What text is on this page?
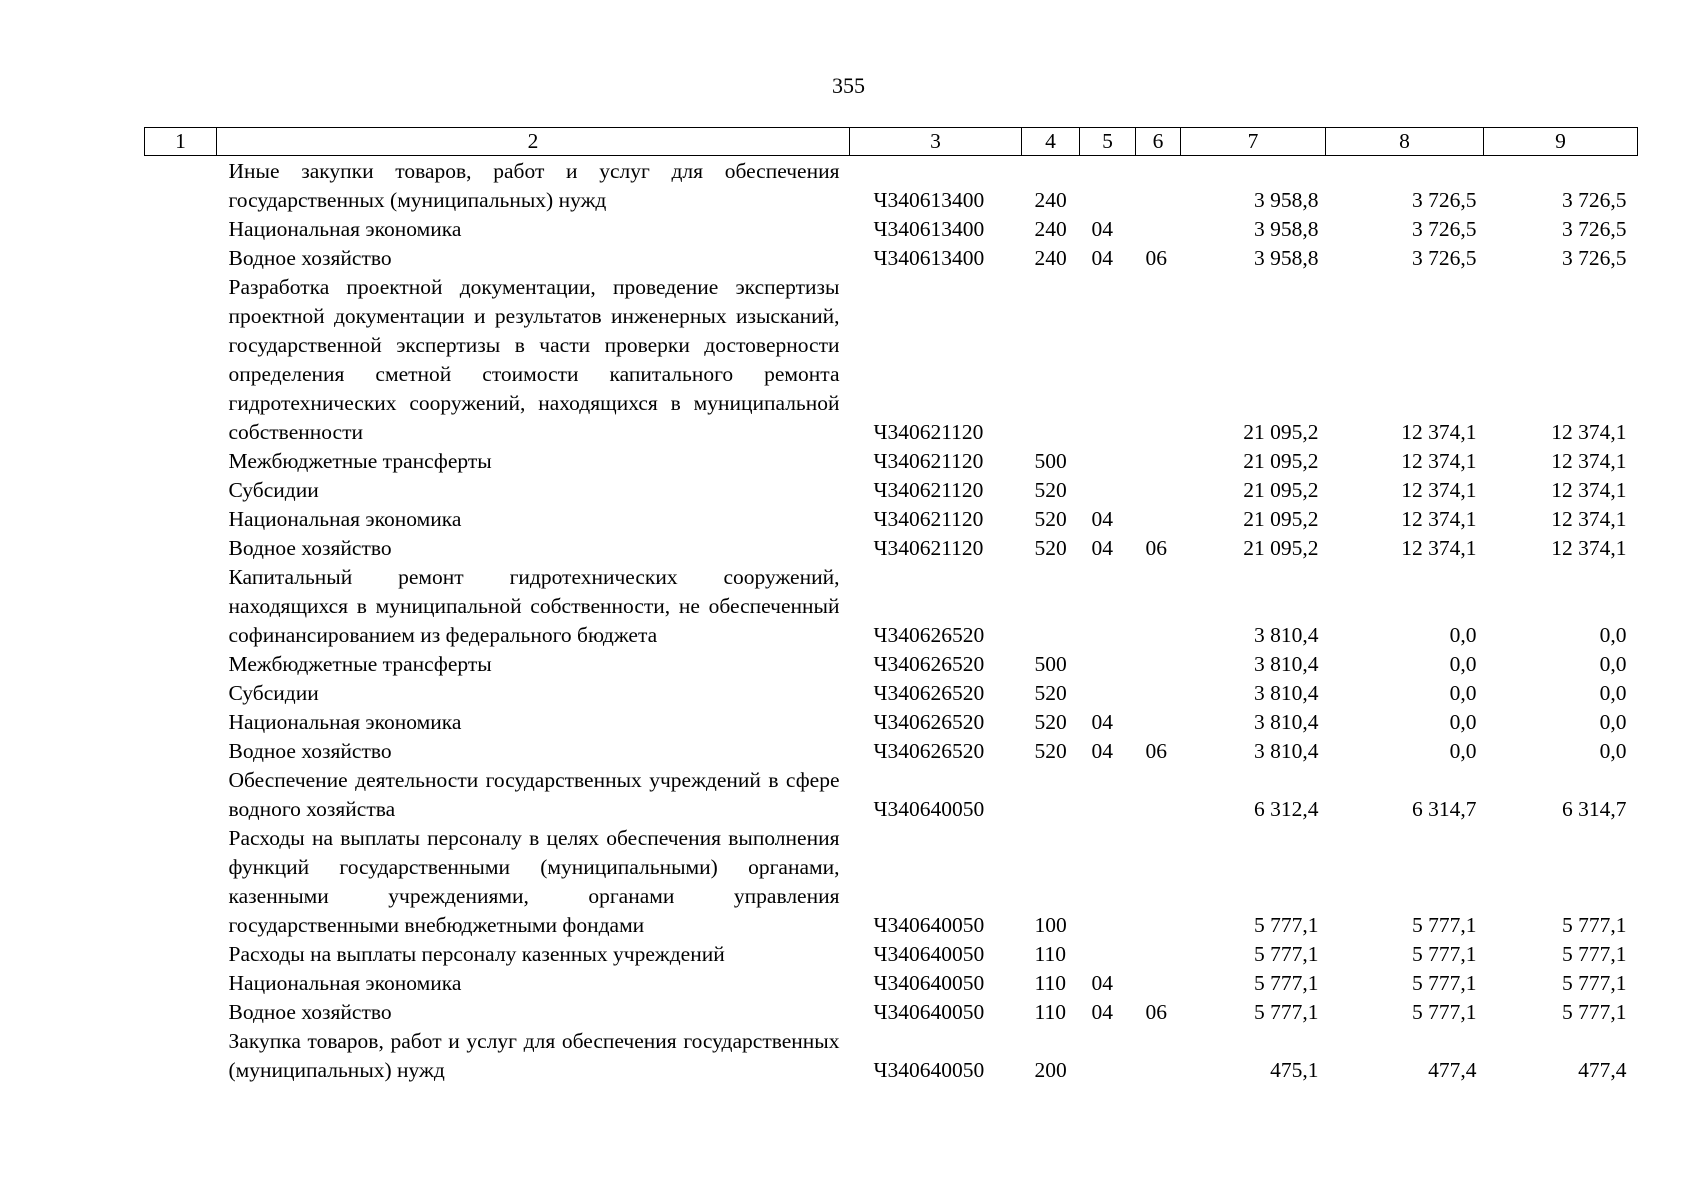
355
1	2	3	4	5	6	7	8	9
	Иные закупки товаров, работ и услуг для обеспечения государственных (муниципальных) нужд	Ч340613400	240			3 958,8	3 726,5	3 726,5
	Национальная экономика	Ч340613400	240	04		3 958,8	3 726,5	3 726,5
	Водное хозяйство	Ч340613400	240	04	06	3 958,8	3 726,5	3 726,5
	Разработка проектной документации, проведение экспертизы проектной документации и результатов инженерных изысканий, государственной экспертизы в части проверки достоверности определения сметной стоимости капитального ремонта гидротехнических сооружений, находящихся в муниципальной собственности	Ч340621120				21 095,2	12 374,1	12 374,1
	Межбюджетные трансферты	Ч340621120	500			21 095,2	12 374,1	12 374,1
	Субсидии	Ч340621120	520			21 095,2	12 374,1	12 374,1
	Национальная экономика	Ч340621120	520	04		21 095,2	12 374,1	12 374,1
	Водное хозяйство	Ч340621120	520	04	06	21 095,2	12 374,1	12 374,1
	Капитальный ремонт гидротехнических сооружений, находящихся в муниципальной собственности, не обеспеченный софинансированием из федерального бюджета	Ч340626520				3 810,4	0,0	0,0
	Межбюджетные трансферты	Ч340626520	500			3 810,4	0,0	0,0
	Субсидии	Ч340626520	520			3 810,4	0,0	0,0
	Национальная экономика	Ч340626520	520	04		3 810,4	0,0	0,0
	Водное хозяйство	Ч340626520	520	04	06	3 810,4	0,0	0,0
	Обеспечение деятельности государственных учреждений в сфере водного хозяйства	Ч340640050				6 312,4	6 314,7	6 314,7
	Расходы на выплаты персоналу в целях обеспечения выполнения функций государственными (муниципальными) органами, казенными учреждениями, органами управления государственными внебюджетными фондами	Ч340640050	100			5 777,1	5 777,1	5 777,1
	Расходы на выплаты персоналу казенных учреждений	Ч340640050	110			5 777,1	5 777,1	5 777,1
	Национальная экономика	Ч340640050	110	04		5 777,1	5 777,1	5 777,1
	Водное хозяйство	Ч340640050	110	04	06	5 777,1	5 777,1	5 777,1
	Закупка товаров, работ и услуг для обеспечения государственных (муниципальных) нужд	Ч340640050	200			475,1	477,4	477,4
